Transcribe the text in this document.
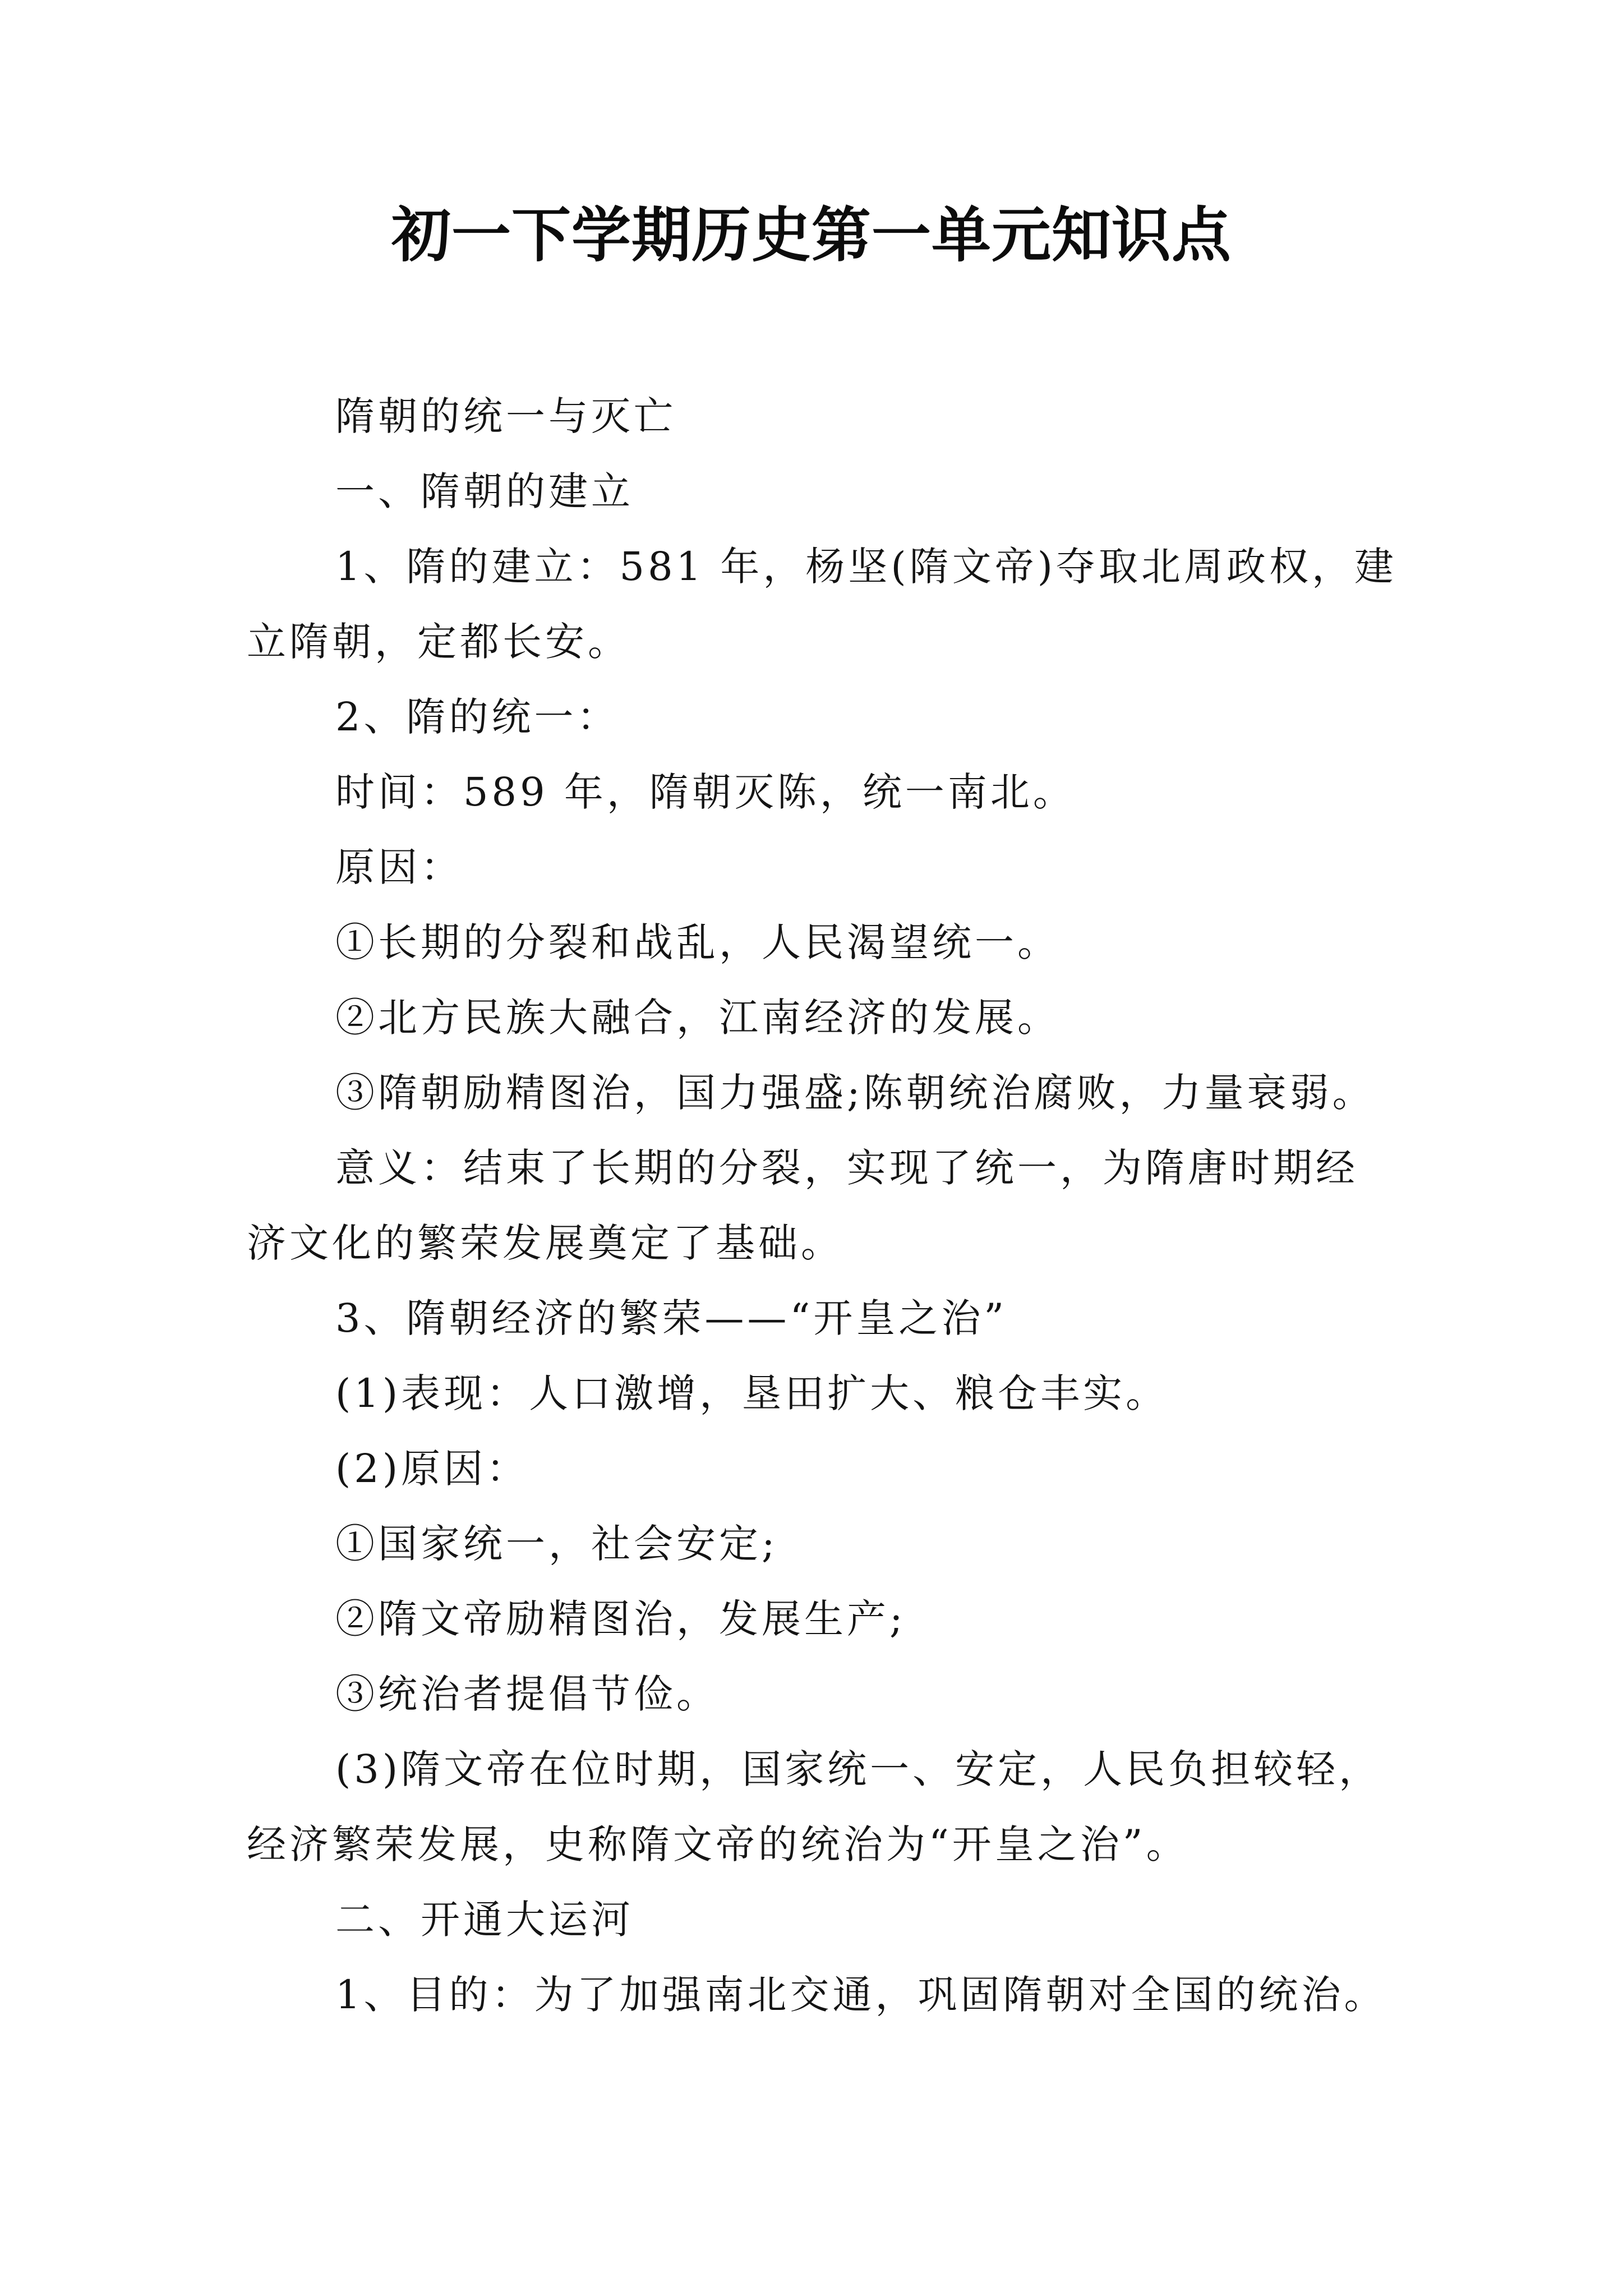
初一下学期历史第一单元知识点
隋朝的统一与灭亡
一、隋朝的建立
1、隋的建立：581 年，杨坚(隋文帝)夺取北周政权，建
立隋朝，定都长安。
2、隋的统一：
时间：589 年，隋朝灭陈，统一南北。
原因：
①长期的分裂和战乱，人民渴望统一。
②北方民族大融合，江南经济的发展。
③隋朝励精图治，国力强盛;陈朝统治腐败，力量衰弱。
意义：结束了长期的分裂，实现了统一，为隋唐时期经
济文化的繁荣发展奠定了基础。
3、隋朝经济的繁荣——“开皇之治”
(1)表现：人口激增，垦田扩大、粮仓丰实。
(2)原因：
①国家统一，社会安定;
②隋文帝励精图治，发展生产;
③统治者提倡节俭。
(3)隋文帝在位时期，国家统一、安定，人民负担较轻，
经济繁荣发展，史称隋文帝的统治为“开皇之治”。
二、开通大运河
1、目的：为了加强南北交通，巩固隋朝对全国的统治。
